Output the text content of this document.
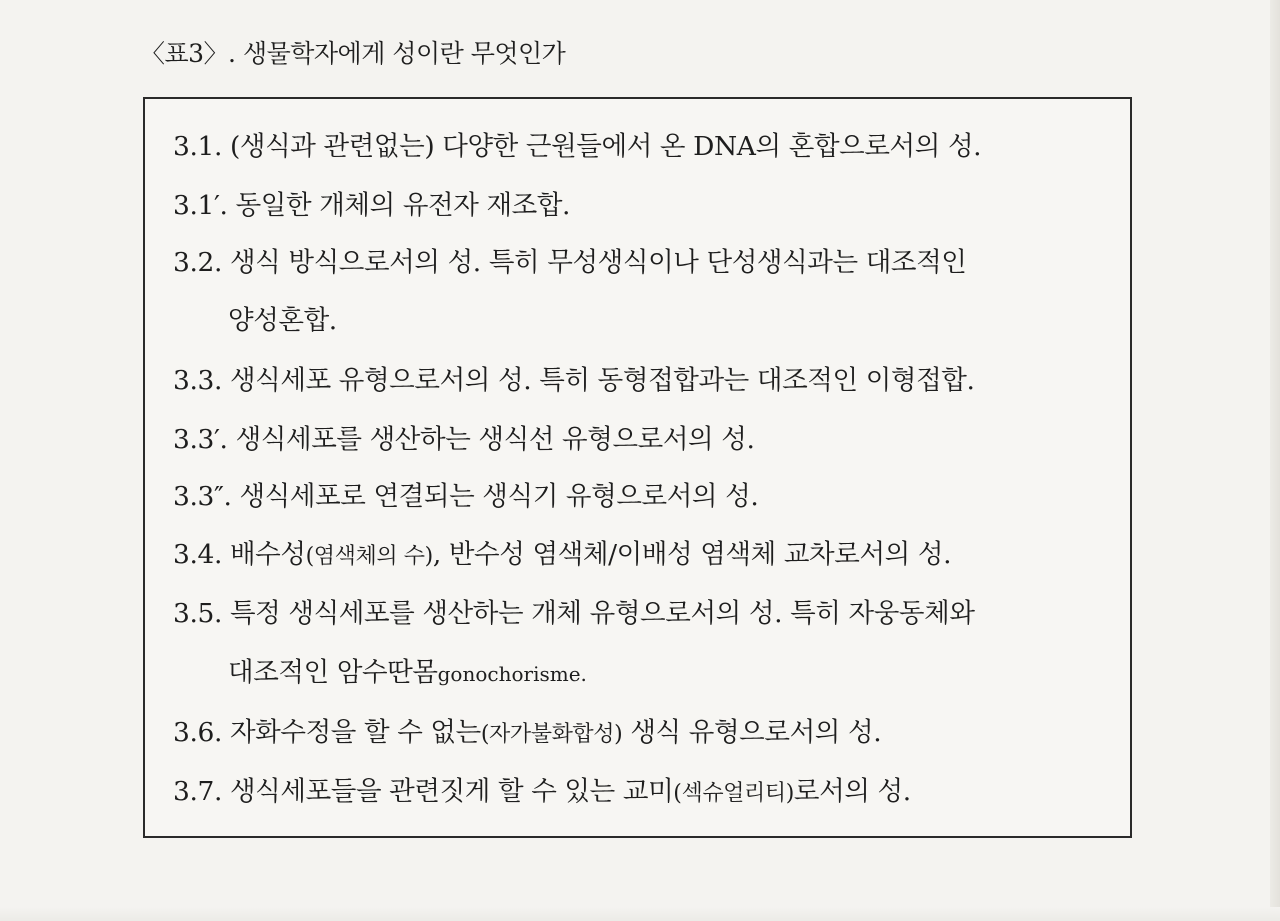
〈표3〉. 생물학자에게 성이란 무엇인가
3.1. (생식과 관련없는) 다양한 근원들에서 온 DNA의 혼합으로서의 성.
3.1′. 동일한 개체의 유전자 재조합.
3.2. 생식 방식으로서의 성. 특히 무성생식이나 단성생식과는 대조적인
양성혼합.
3.3. 생식세포 유형으로서의 성. 특히 동형접합과는 대조적인 이형접합.
3.3′. 생식세포를 생산하는 생식선 유형으로서의 성.
3.3″. 생식세포로 연결되는 생식기 유형으로서의 성.
3.4. 배수성(염색체의 수), 반수성 염색체/이배성 염색체 교차로서의 성.
3.5. 특정 생식세포를 생산하는 개체 유형으로서의 성. 특히 자웅동체와
대조적인 암수딴몸gonochorisme.
3.6. 자화수정을 할 수 없는(자가불화합성) 생식 유형으로서의 성.
3.7. 생식세포들을 관련짓게 할 수 있는 교미(섹슈얼리티)로서의 성.
